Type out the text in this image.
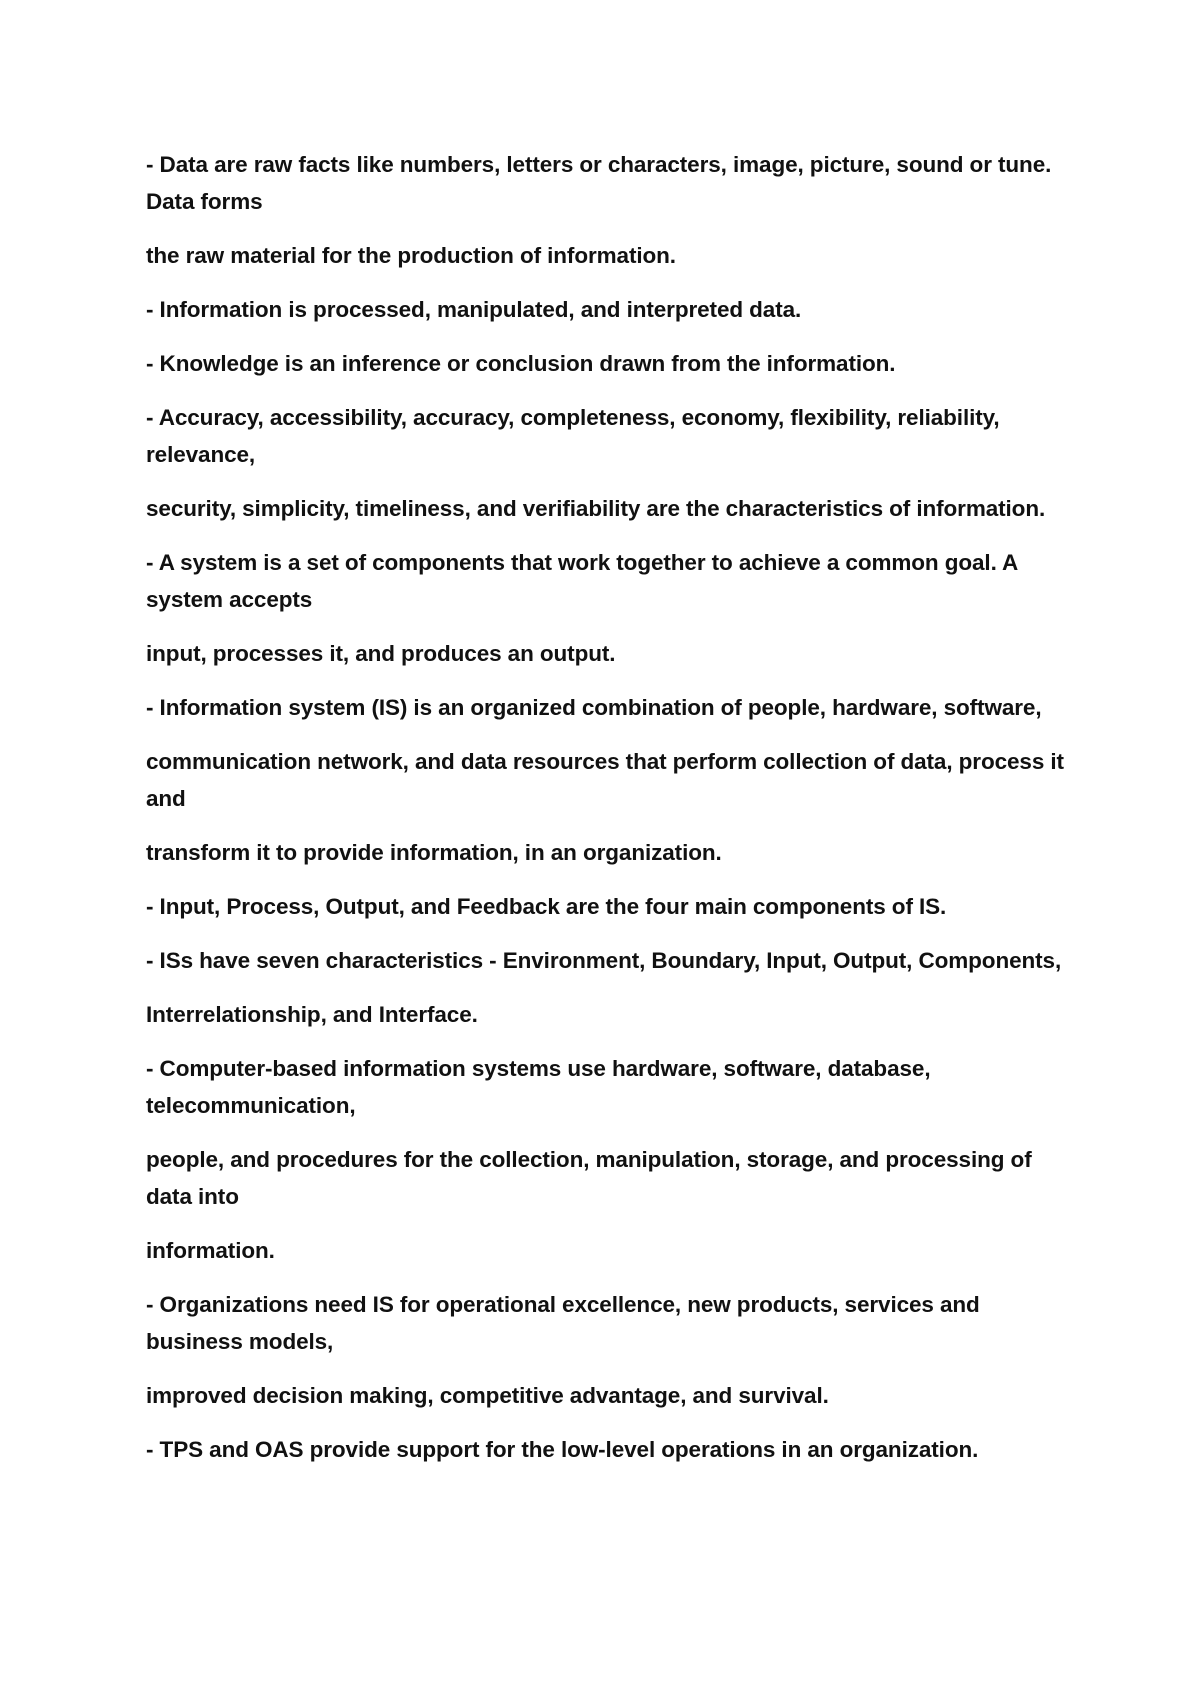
- Data are raw facts like numbers, letters or characters, image, picture, sound or tune. Data forms

the raw material for the production of information.

- Information is processed, manipulated, and interpreted data.

- Knowledge is an inference or conclusion drawn from the information.

- Accuracy, accessibility, accuracy, completeness, economy, flexibility, reliability, relevance,

security, simplicity, timeliness, and verifiability are the characteristics of information.

- A system is a set of components that work together to achieve a common goal. A system accepts

input, processes it, and produces an output.

- Information system (IS) is an organized combination of people, hardware, software,

communication network, and data resources that perform collection of data, process it and

transform it to provide information, in an organization.

- Input, Process, Output, and Feedback are the four main components of IS.

- ISs have seven characteristics - Environment, Boundary, Input, Output, Components,

Interrelationship, and Interface.

- Computer-based information systems use hardware, software, database, telecommunication,

people, and procedures for the collection, manipulation, storage, and processing of data into

information.

- Organizations need IS for operational excellence, new products, services and business models,

improved decision making, competitive advantage, and survival.

- TPS and OAS provide support for the low-level operations in an organization.
